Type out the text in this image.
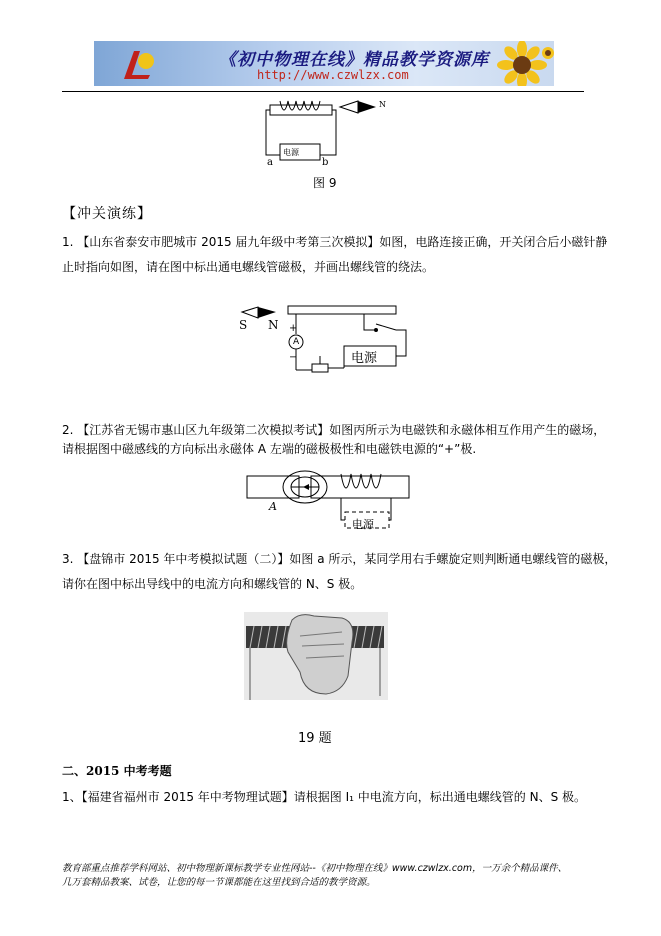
《初中物理在线》精品教学资源库
http://www.czwlzx.com
电源
a	b
N
图 9
【冲关演练】
1. 【山东省泰安市肥城市 2015 届九年级中考第三次模拟】如图，电路连接正确，开关闭合后小磁针静
止时指向如图，请在图中标出通电螺线管磁极，并画出螺线管的绕法。
S N +
A
−	电源
2. 【江苏省无锡市惠山区九年级第二次模拟考试】如图丙所示为电磁铁和永磁体相互作用产生的磁场，
请根据图中磁感线的方向标出永磁体 A 左端的磁极极性和电磁铁电源的“+”极.
A
电源
3. 【盘锦市 2015 年中考模拟试题（二）】如图 a 所示，某同学用右手螺旋定则判断通电螺线管的磁极，
请你在图中标出导线中的电流方向和螺线管的 N、S 极。
19 题
二、2015 中考考题
1、【福建省福州市 2015 年中考物理试题】请根据图 I₁ 中电流方向，标出通电螺线管的 N、S 极。
教育部重点推荐学科网站、初中物理新课标教学专业性网站--《初中物理在线》www.czwlzx.com，一万余个精品课件、
几万套精品教案、试卷，让您的每一节课都能在这里找到合适的教学资源。
